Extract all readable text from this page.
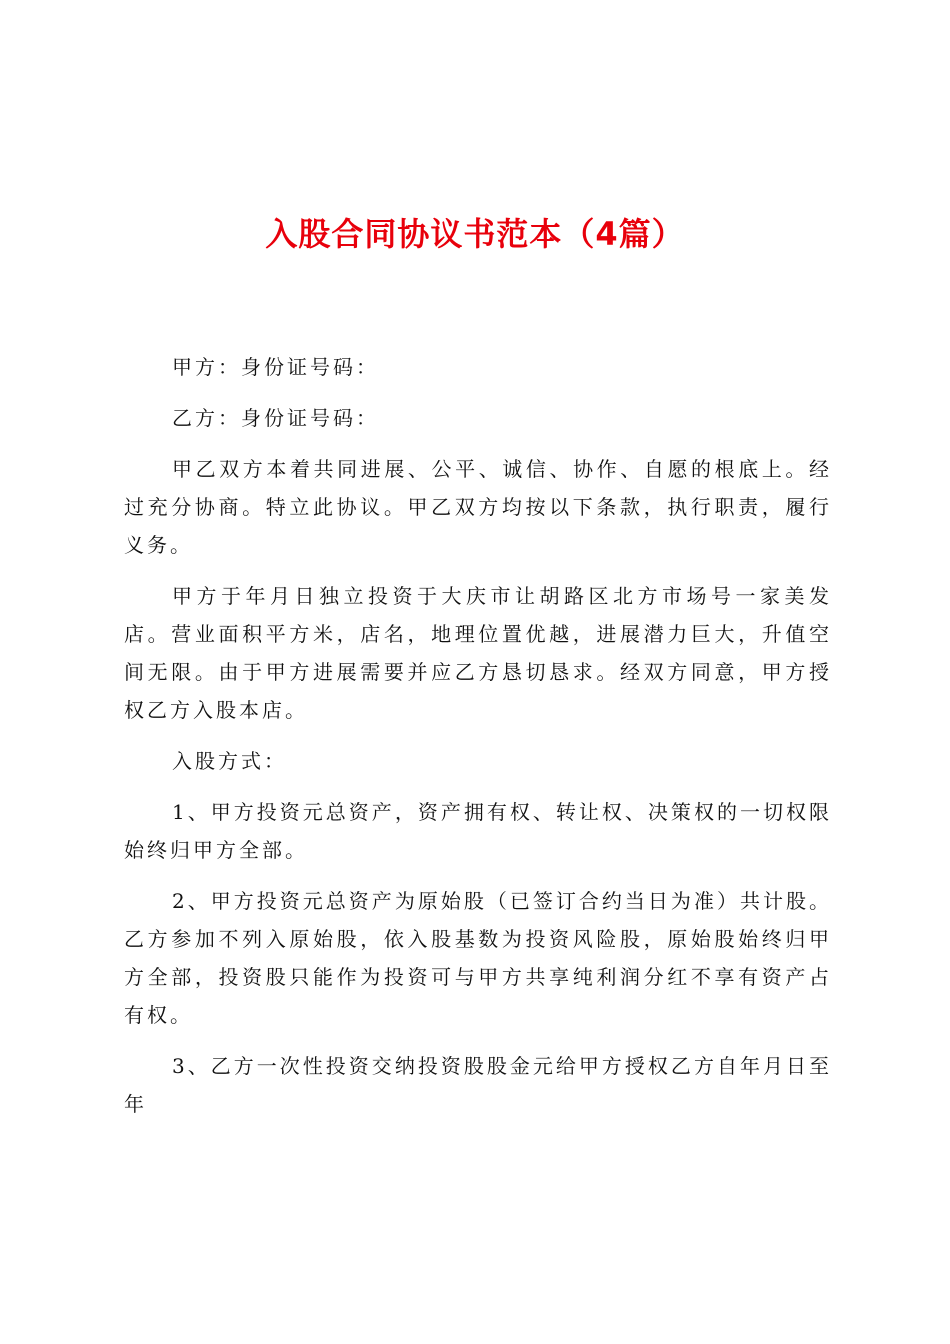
入股合同协议书范本（4篇）

甲方：身份证号码：

乙方：身份证号码：

甲乙双方本着共同进展、公平、诚信、协作、自愿的根底上。经过充分协商。特立此协议。甲乙双方均按以下条款，执行职责，履行义务。

甲方于年月日独立投资于大庆市让胡路区北方市场号一家美发店。营业面积平方米，店名，地理位置优越，进展潜力巨大，升值空间无限。由于甲方进展需要并应乙方恳切恳求。经双方同意，甲方授权乙方入股本店。

入股方式：

1、甲方投资元总资产，资产拥有权、转让权、决策权的一切权限始终归甲方全部。

2、甲方投资元总资产为原始股（已签订合约当日为准）共计股。乙方参加不列入原始股，依入股基数为投资风险股，原始股始终归甲方全部，投资股只能作为投资可与甲方共享纯利润分红不享有资产占有权。

3、乙方一次性投资交纳投资股股金元给甲方授权乙方自年月日至年
